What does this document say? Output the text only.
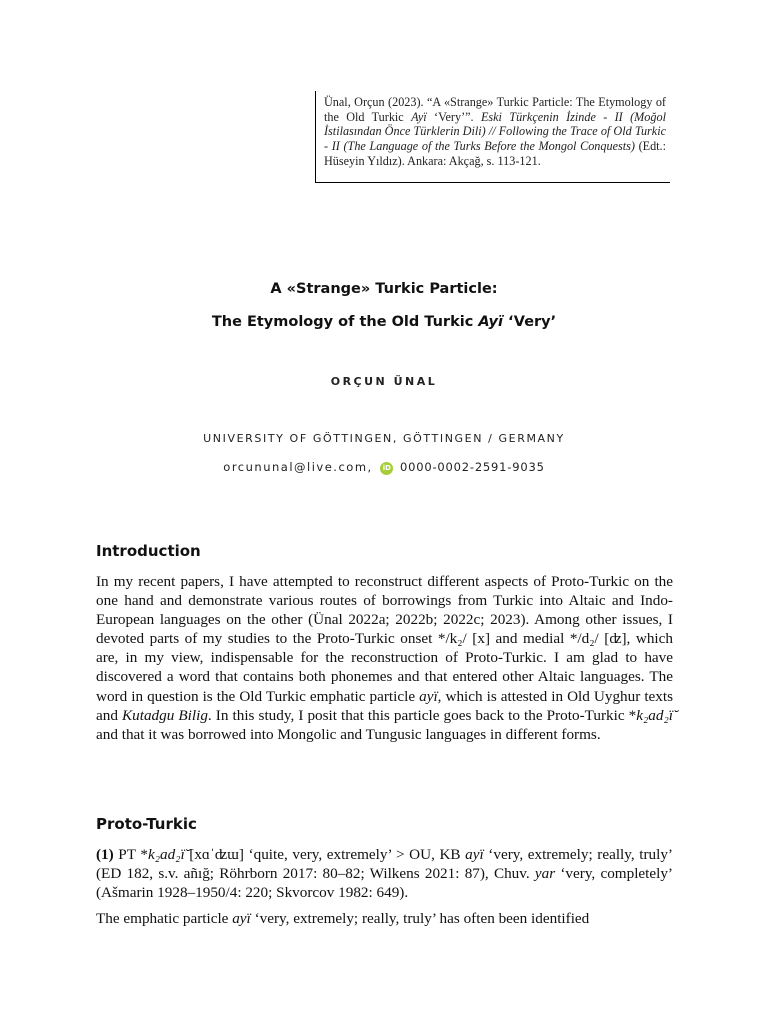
Ünal, Orçun (2023). “A «Strange» Turkic Particle: The Etymology of the Old Turkic Ayï ‘Very’”. Eski Türkçenin İzinde - II (Moğol İstilasından Önce Türklerin Dili) // Following the Trace of Old Turkic - II (The Language of the Turks Before the Mongol Conquests) (Edt.: Hüseyin Yıldız). Ankara: Akçağ, s. 113-121.
A «Strange» Turkic Particle:
The Etymology of the Old Turkic Ayï ‘Very’
ORÇUN ÜNAL
UNIVERSITY OF GÖTTINGEN, GÖTTINGEN / GERMANY
orcununal@live.com, iD 0000-0002-2591-9035
Introduction
In my recent papers, I have attempted to reconstruct different aspects of Proto-Turkic on the one hand and demonstrate various routes of borrowings from Turkic into Altaic and Indo-European languages on the other (Ünal 2022a; 2022b; 2022c; 2023). Among other issues, I devoted parts of my studies to the Proto-Turkic onset */k₂/ [x] and medial */d₂/ [ʣ], which are, in my view, indispensable for the reconstruction of Proto-Turkic. I am glad to have discovered a word that contains both phonemes and that entered other Altaic languages. The word in question is the Old Turkic emphatic particle ayï, which is attested in Old Uyghur texts and Kutadgu Bilig. In this study, I posit that this particle goes back to the Proto-Turkic *k₂ad₂ï̆ and that it was borrowed into Mongolic and Tungusic languages in different forms.
Proto-Turkic
(1) PT *k₂ad₂ï̆ [xɑˈʣɯ] ‘quite, very, extremely’ > OU, KB ayï ‘very, extremely; really, truly’ (ED 182, s.v. añığ; Röhrborn 2017: 80–82; Wilkens 2021: 87), Chuv. yar ‘very, completely’ (Ašmarin 1928–1950/4: 220; Skvorcov 1982: 649).
The emphatic particle ayï ‘very, extremely; really, truly’ has often been identified
